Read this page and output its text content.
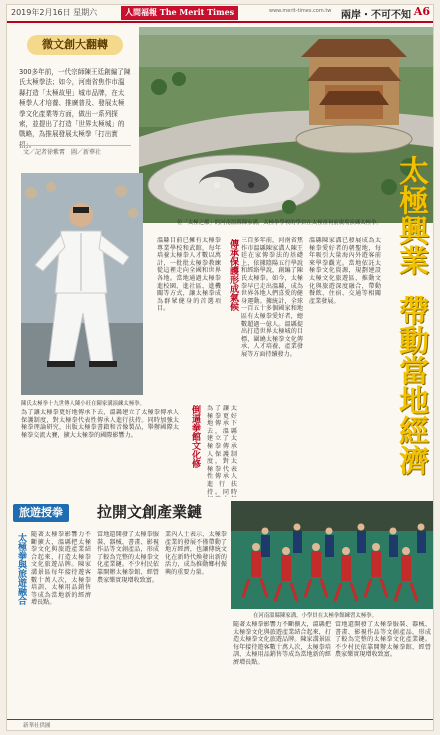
2019年2月16日 星期六	人間福報 The Merit Times	www.merit-times.com.tw 兩岸・不可不知 A6
微文創大翻轉
300多年前，一代宗師陳王廷創編了陳氏太極拳法；如今，河南省焦作市溫縣打造「太極故里」城市品牌，在太極拳人才培養、推廣普及、發展太極拳文化產業等方面，做出一系列探索，並提出了打造「世界太極城」的戰略，為推展發展太極拳「打出實
文／記者徐紫霄　圖／新華社
位「太極之都」的河南溫縣陳家溝，太極拳學校的學員在太極祖祠前廣場演練太極拳。
陳氏太極拳十九世傳人陳小旺在陳家溝演練太極拳。
太極興業
帶動當地經濟
傳承保護形成氣候
倒逼拳館文化修
溫縣目前已擁有太極拳專業學校和武館，每年培養太極拳人才數以萬計，一批批太極拳教練從這裡走向全國和世界各地。當地通過太極拳進校園、進社區、進機關等方式，讓太極拳成為群眾健身的首選項目。
三百多年前，河南省焦作市溫縣陳家溝人陳王廷在家傳拳法的基礎上，依據陰陽五行學說和經絡學說，創編了陳氏太極拳。如今，太極拳早已走出溫縣，成為世界各地人們喜愛的健身運動。據統計，全球一百五十多個國家和地區有太極拳愛好者，總數超過一億人。溫縣提出打造世界太極城的目標，圍繞太極拳文化傳承、人才培養、產業發展等方面持續發力。
溫縣陳家溝已發展成為太極拳愛好者的朝聖地，每年吸引大量海內外遊客前來學拳觀光。當地依託太極拳文化資源，規劃建設太極文化旅遊區，推動文化與旅遊深度融合，帶動餐飲、住宿、交通等相關產業發展。
為了讓太極拳更好地傳承下去，溫縣建立了太極拳傳承人保護制度，對太極拳代表性傳承人進行扶持。同時
為了讓太極拳更好地傳承下去，溫縣建立了太極拳傳承人保護制度，對太極拳代表性傳承人進行扶持。同時加強太極拳理論研究，出版太極拳書籍和音像製品，舉辦國際太極拳交流大賽，擴大太極拳的國際影響力。
旅遊授拳	拉開文創產業鏈
太極拳與旅遊融合 隨著太極拳影響力不斷擴大，溫縣把太極拳文化與旅遊產業結合起來，打造太極拳文化旅遊品牌。陳家溝景區每年接待遊客數十萬人次，太極拳培訓、太極用品銷售等成為當地新的經濟增長點。
當地還開發了太極拳服裝、器械、書畫、影視作品等文創產品，形成了較為完整的太極拳文化產業鏈。不少村民依靠開辦太極拳館、經營農家樂實現增收致富。
業內人士表示，太極拳產業的發展不僅帶動了地方經濟，也讓傳統文化在新時代煥發出新的活力，成為推動鄉村振興的重要力量。
隨著太極拳影響力不斷擴大，溫縣把太極拳文化與旅遊產業結合起來，打造太極拳文化旅遊品牌。陳家溝景區每年接待遊客數十萬人次，太極拳培訓、太極用品銷售等成為當地新的經濟增長點。
當地還開發了太極拳服裝、器械、書畫、影視作品等文創產品，形成了較為完整的太極拳文化產業鏈。不少村民依靠開辦太極拳館、經營農家樂實現增收致富。
在河南溫縣陳家溝，小學員在太極拳館練習太極拳。
新華社供圖
